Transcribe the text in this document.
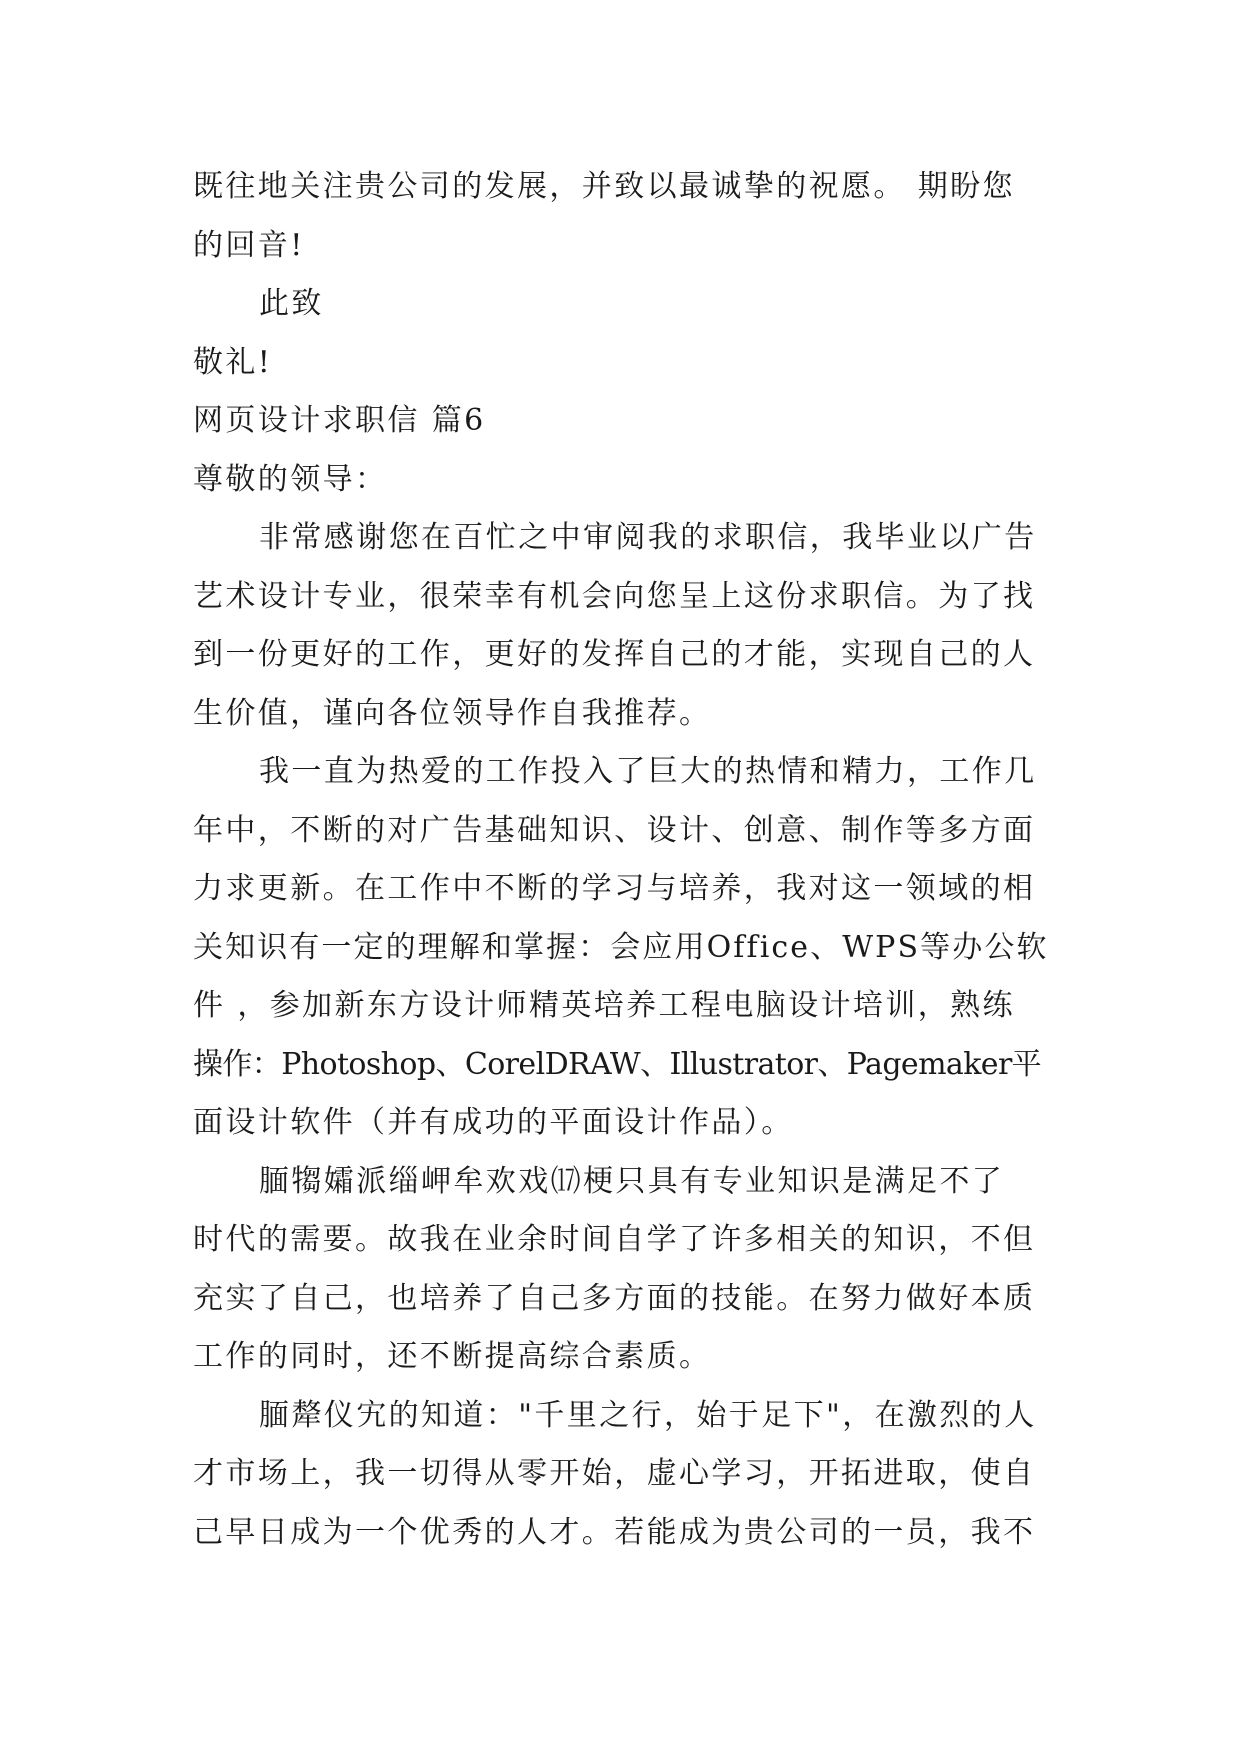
既往地关注贵公司的发展，并致以最诚挚的祝愿。 期盼您
的回音!
此致
敬礼!
网页设计求职信 篇6
尊敬的领导：
非常感谢您在百忙之中审阅我的求职信，我毕业以广告
艺术设计专业，很荣幸有机会向您呈上这份求职信。为了找
到一份更好的工作，更好的发挥自己的才能，实现自己的人
生价值，谨向各位领导作自我推荐。
我一直为热爱的工作投入了巨大的热情和精力，工作几
年中，不断的对广告基础知识、设计、创意、制作等多方面
力求更新。在工作中不断的学习与培养，我对这一领域的相
关知识有一定的理解和掌握：会应用Office、WPS等办公软
件 ，参加新东方设计师精英培养工程电脑设计培训，熟练
操作：Photoshop、CorelDRAW、Illustrator、Pagemaker平
面设计软件（并有成功的平面设计作品）。
腼犓孀派缁岬牟欢戏⒄梗只具有专业知识是满足不了
时代的需要。故我在业余时间自学了许多相关的知识，不但
充实了自己，也培养了自己多方面的技能。在努力做好本质
工作的同时，还不断提高综合素质。
腼犛仪宄的知道："千里之行，始于足下"，在激烈的人
才市场上，我一切得从零开始，虚心学习，开拓进取，使自
己早日成为一个优秀的人才。若能成为贵公司的一员，我不
